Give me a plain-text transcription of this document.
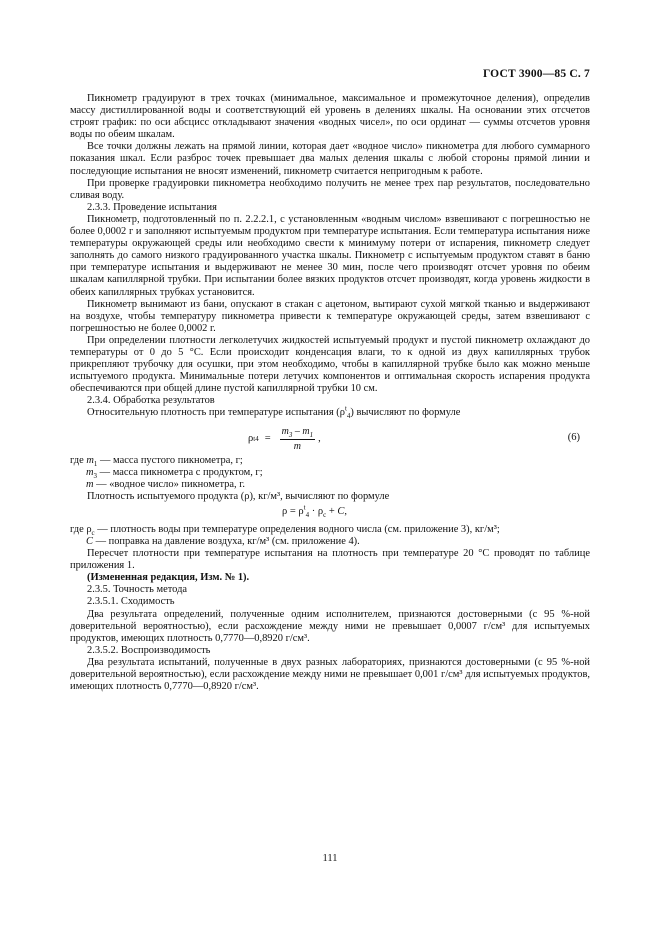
ГОСТ 3900—85 С. 7

Пикнометр градуируют в трех точках (минимальное, максимальное и промежуточное деления), определив массу дистиллированной воды и соответствующий ей уровень в делениях шкалы. На основании этих отсчетов строят график: по оси абсцисс откладывают значения «водных чисел», по оси ординат — суммы отсчетов уровня воды по обеим шкалам.

Все точки должны лежать на прямой линии, которая дает «водное число» пикнометра для любого суммарного показания шкал. Если разброс точек превышает два малых деления шкалы с любой стороны прямой линии и последующие испытания не вносят изменений, пикнометр считается непригодным к работе.

При проверке градуировки пикнометра необходимо получить не менее трех пар результатов, последовательно сливая воду.

2.3.3. Проведение испытания

Пикнометр, подготовленный по п. 2.2.2.1, с установленным «водным числом» взвешивают с погрешностью не более 0,0002 г и заполняют испытуемым продуктом при температуре испытания. Если температура испытания ниже температуры окружающей среды или необходимо свести к минимуму потери от испарения, пикнометр следует заполнять до самого низкого градуированного участка шкалы. Пикнометр с испытуемым продуктом ставят в баню при температуре испытания и выдерживают не менее 30 мин, после чего производят отсчет уровня по обеим шкалам капиллярной трубки. При испытании более вязких продуктов отсчет производят, когда уровень жидкости в обеих капиллярных трубках установится.

Пикнометр вынимают из бани, опускают в стакан с ацетоном, вытирают сухой мягкой тканью и выдерживают на воздухе, чтобы температуру пикнометра привести к температуре окружающей среды, затем взвешивают с погрешностью не более 0,0002 г.

При определении плотности легколетучих жидкостей испытуемый продукт и пустой пикнометр охлаждают до температуры от 0 до 5 °С. Если происходит конденсация влаги, то к одной из двух капиллярных трубок прикрепляют трубочку для осушки, при этом необходимо, чтобы в капиллярной трубке было как можно меньше испытуемого продукта. Минимальные потери летучих компонентов и оптимальная скорость испарения продукта обеспечиваются при общей длине пустой капиллярной трубки 10 см.

2.3.4. Обработка результатов

Относительную плотность при температуре испытания $(\rho^t_4)$ вычисляют по формуле

ρ t $4 = \frac{m_3 - m_1}{m}$ ,	(6)

где $m_1$ — масса пустого пикнометра, г;

$m_3$ — масса пикнометра с продуктом, г;

m — «водное число» пикнометра, г.

Плотность испытуемого продукта (ρ), кг/м³, вычисляют по формуле

$\rho = \rho^t_4 \cdot \rho_с + С$,

где $\rho_с$ — плотность воды при температуре определения водного числа (см. приложение 3), кг/м³;

С — поправка на давление воздуха, кг/м³ (см. приложение 4).

Пересчет плотности при температуре испытания на плотность при температуре 20 °С проводят по таблице приложения 1.

(Измененная редакция, Изм. № 1).

2.3.5. Точность метода

2.3.5.1. Сходимость

Два результата определений, полученные одним исполнителем, признаются достоверными (с 95 %-ной доверительной вероятностью), если расхождение между ними не превышает 0,0007 г/см³ для испытуемых продуктов, имеющих плотность 0,7770—0,8920 г/см³.

2.3.5.2. Воспроизводимость

Два результата испытаний, полученные в двух разных лабораториях, признаются достоверными (с 95 %-ной доверительной вероятностью), если расхождение между ними не превышает 0,001 г/см³ для испытуемых продуктов, имеющих плотность 0,7770—0,8920 г/см³.

111
